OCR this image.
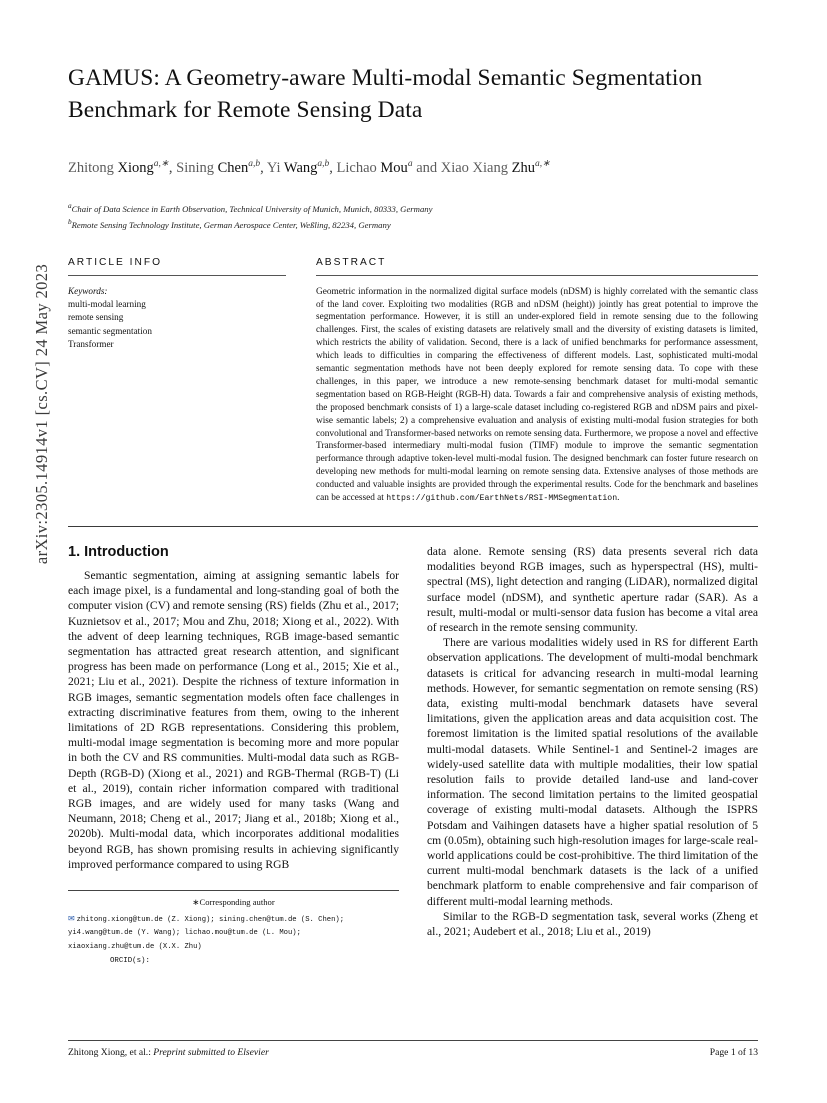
arXiv:2305.14914v1 [cs.CV] 24 May 2023
GAMUS: A Geometry-aware Multi-modal Semantic Segmentation Benchmark for Remote Sensing Data
Zhitong Xiong$^{a,∗}$, Sining Chen$^{a,b}$, Yi Wang$^{a,b}$, Lichao Mou$^a$ and Xiao Xiang Zhu$^{a,∗}$
$^a$Chair of Data Science in Earth Observation, Technical University of Munich, Munich, 80333, Germany
$^b$Remote Sensing Technology Institute, German Aerospace Center, Weßling, 82234, Germany
ARTICLE INFO
Keywords:
multi-modal learning
remote sensing
semantic segmentation
Transformer
ABSTRACT
Geometric information in the normalized digital surface models (nDSM) is highly correlated with the semantic class of the land cover. Exploiting two modalities (RGB and nDSM (height)) jointly has great potential to improve the segmentation performance. However, it is still an under-explored field in remote sensing due to the following challenges. First, the scales of existing datasets are relatively small and the diversity of existing datasets is limited, which restricts the ability of validation. Second, there is a lack of unified benchmarks for performance assessment, which leads to difficulties in comparing the effectiveness of different models. Last, sophisticated multi-modal semantic segmentation methods have not been deeply explored for remote sensing data. To cope with these challenges, in this paper, we introduce a new remote-sensing benchmark dataset for multi-modal semantic segmentation based on RGB-Height (RGB-H) data. Towards a fair and comprehensive analysis of existing methods, the proposed benchmark consists of 1) a large-scale dataset including co-registered RGB and nDSM pairs and pixel-wise semantic labels; 2) a comprehensive evaluation and analysis of existing multi-modal fusion strategies for both convolutional and Transformer-based networks on remote sensing data. Furthermore, we propose a novel and effective Transformer-based intermediary multi-modal fusion (TIMF) module to improve the semantic segmentation performance through adaptive token-level multi-modal fusion. The designed benchmark can foster future research on developing new methods for multi-modal learning on remote sensing data. Extensive analyses of those methods are conducted and valuable insights are provided through the experimental results. Code for the benchmark and baselines can be accessed at https://github.com/EarthNets/RSI-MMSegmentation.
1. Introduction

Semantic segmentation, aiming at assigning semantic labels for each image pixel, is a fundamental and long-standing goal of both the computer vision (CV) and remote sensing (RS) fields (Zhu et al., 2017; Kuznietsov et al., 2017; Mou and Zhu, 2018; Xiong et al., 2022). With the advent of deep learning techniques, RGB image-based semantic segmentation has attracted great research attention, and significant progress has been made on performance (Long et al., 2015; Xie et al., 2021; Liu et al., 2021). Despite the richness of texture information in RGB images, semantic segmentation models often face challenges in extracting discriminative features from them, owing to the inherent limitations of 2D RGB representations. Considering this problem, multi-modal image segmentation is becoming more and more popular in both the CV and RS communities. Multi-modal data such as RGB-Depth (RGB-D) (Xiong et al., 2021) and RGB-Thermal (RGB-T) (Li et al., 2019), contain richer information compared with traditional RGB images, and are widely used for many tasks (Wang and Neumann, 2018; Cheng et al., 2017; Jiang et al., 2018b; Xiong et al., 2020b). Multi-modal data, which incorporates additional modalities beyond RGB, has shown promising results in achieving significantly improved performance compared to using RGB

∗Corresponding author
✉ zhitong.xiong@tum.de (Z. Xiong); sining.chen@tum.de (S. Chen);
yi4.wang@tum.de (Y. Wang); lichao.mou@tum.de (L. Mou);
xiaoxiang.zhu@tum.de (X.X. Zhu)
ORCID(s):

data alone. Remote sensing (RS) data presents several rich data modalities beyond RGB images, such as hyperspectral (HS), multi-spectral (MS), light detection and ranging (LiDAR), normalized digital surface model (nDSM), and synthetic aperture radar (SAR). As a result, multi-modal or multi-sensor data fusion has become a vital area of research in the remote sensing community.

There are various modalities widely used in RS for different Earth observation applications. The development of multi-modal benchmark datasets is critical for advancing research in multi-modal learning methods. However, for semantic segmentation on remote sensing (RS) data, existing multi-modal benchmark datasets have several limitations, given the application areas and data acquisition cost. The foremost limitation is the limited spatial resolutions of the available multi-modal datasets. While Sentinel-1 and Sentinel-2 images are widely-used satellite data with multiple modalities, their low spatial resolution fails to provide detailed land-use and land-cover information. The second limitation pertains to the limited geospatial coverage of existing multi-modal datasets. Although the ISPRS Potsdam and Vaihingen datasets have a higher spatial resolution of 5 cm (0.05m), obtaining such high-resolution images for large-scale real-world applications could be cost-prohibitive. The third limitation of the current multi-modal benchmark datasets is the lack of a unified benchmark platform to enable comprehensive and fair comparison of different multi-modal learning methods.

Similar to the RGB-D segmentation task, several works (Zheng et al., 2021; Audebert et al., 2018; Liu et al., 2019)

Zhitong Xiong, et al.: Preprint submitted to Elsevier	Page 1 of 13
